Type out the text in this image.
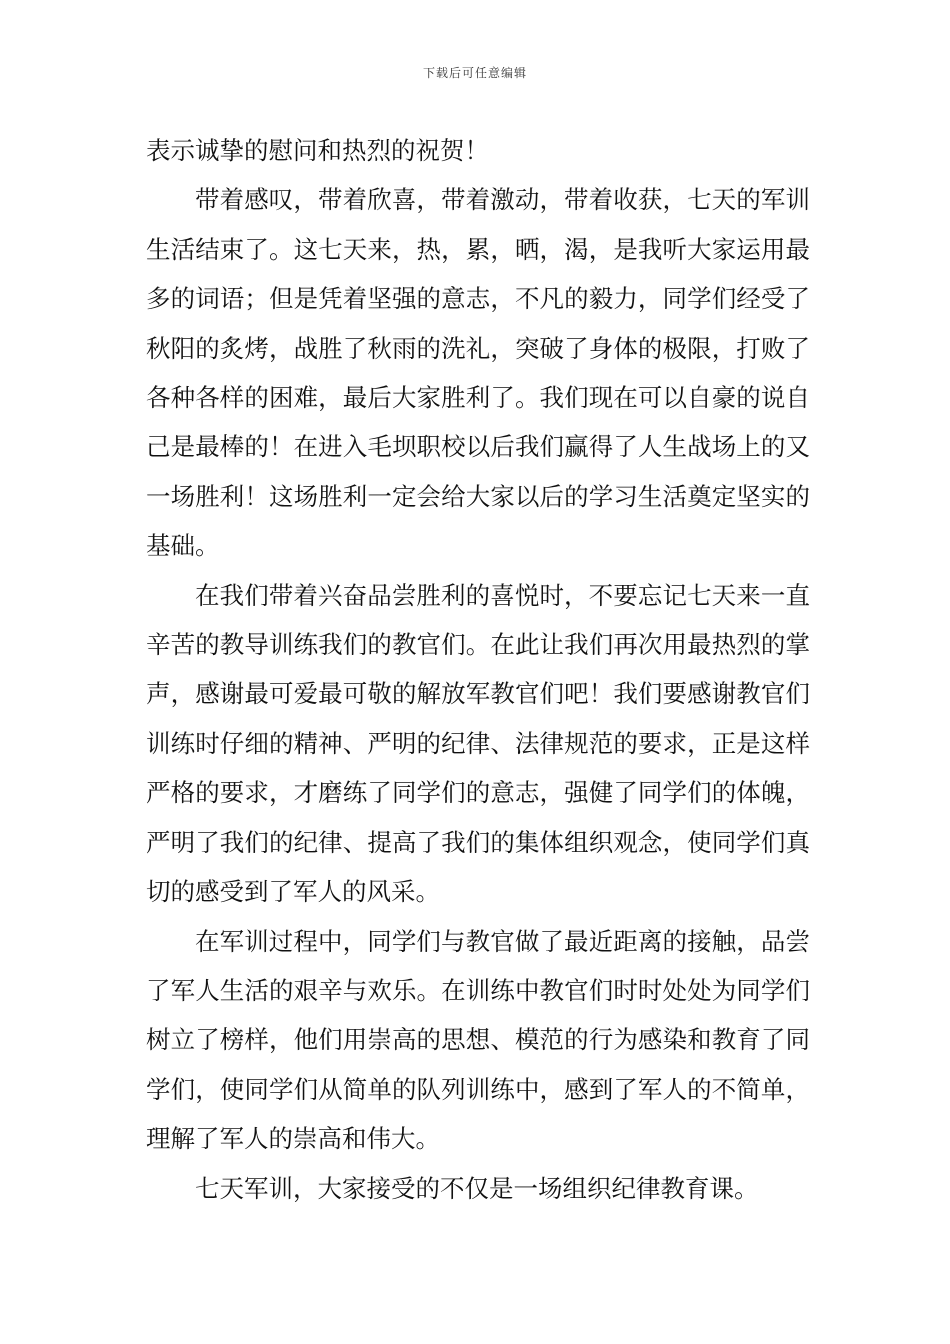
下载后可任意编辑

表示诚挚的慰问和热烈的祝贺！

带着感叹，带着欣喜，带着激动，带着收获，七天的军训生活结束了。这七天来，热，累，晒，渴，是我听大家运用最多的词语；但是凭着坚强的意志，不凡的毅力，同学们经受了秋阳的炙烤，战胜了秋雨的洗礼，突破了身体的极限，打败了各种各样的困难，最后大家胜利了。我们现在可以自豪的说自己是最棒的！在进入毛坝职校以后我们赢得了人生战场上的又一场胜利！这场胜利一定会给大家以后的学习生活奠定坚实的基础。

在我们带着兴奋品尝胜利的喜悦时，不要忘记七天来一直辛苦的教导训练我们的教官们。在此让我们再次用最热烈的掌声，感谢最可爱最可敬的解放军教官们吧！我们要感谢教官们训练时仔细的精神、严明的纪律、法律规范的要求，正是这样严格的要求，才磨练了同学们的意志，强健了同学们的体魄，严明了我们的纪律、提高了我们的集体组织观念，使同学们真切的感受到了军人的风采。

在军训过程中，同学们与教官做了最近距离的接触，品尝了军人生活的艰辛与欢乐。在训练中教官们时时处处为同学们树立了榜样，他们用崇高的思想、模范的行为感染和教育了同学们，使同学们从简单的队列训练中，感到了军人的不简单，理解了军人的崇高和伟大。

七天军训，大家接受的不仅是一场组织纪律教育课。
